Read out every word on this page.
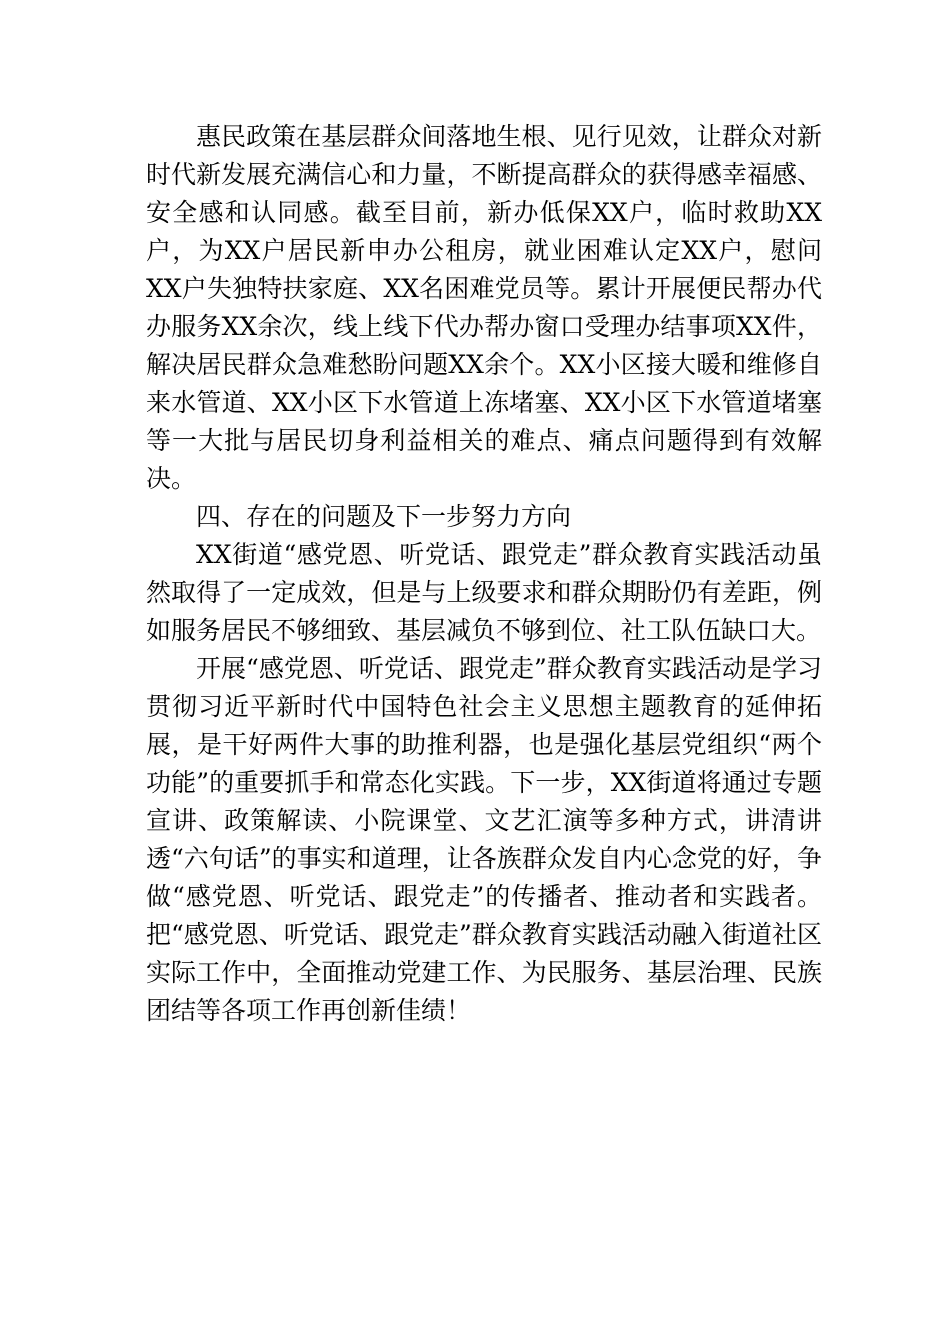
惠民政策在基层群众间落地生根、见行见效，让群众对新时代新发展充满信心和力量，不断提高群众的获得感幸福感、安全感和认同感。截至目前，新办低保XX户，临时救助XX户，为XX户居民新申办公租房，就业困难认定XX户，慰问XX户失独特扶家庭、XX名困难党员等。累计开展便民帮办代办服务XX余次，线上线下代办帮办窗口受理办结事项XX件，解决居民群众急难愁盼问题XX余个。XX小区接大暖和维修自来水管道、XX小区下水管道上冻堵塞、XX小区下水管道堵塞等一大批与居民切身利益相关的难点、痛点问题得到有效解决。

四、存在的问题及下一步努力方向

XX街道“感党恩、听党话、跟党走”群众教育实践活动虽然取得了一定成效，但是与上级要求和群众期盼仍有差距，例如服务居民不够细致、基层减负不够到位、社工队伍缺口大。

开展“感党恩、听党话、跟党走”群众教育实践活动是学习贯彻习近平新时代中国特色社会主义思想主题教育的延伸拓展，是干好两件大事的助推利器，也是强化基层党组织“两个功能”的重要抓手和常态化实践。下一步，XX街道将通过专题宣讲、政策解读、小院课堂、文艺汇演等多种方式，讲清讲透“六句话”的事实和道理，让各族群众发自内心念党的好，争做“感党恩、听党话、跟党走”的传播者、推动者和实践者。把“感党恩、听党话、跟党走”群众教育实践活动融入街道社区实际工作中，全面推动党建工作、为民服务、基层治理、民族团结等各项工作再创新佳绩！
